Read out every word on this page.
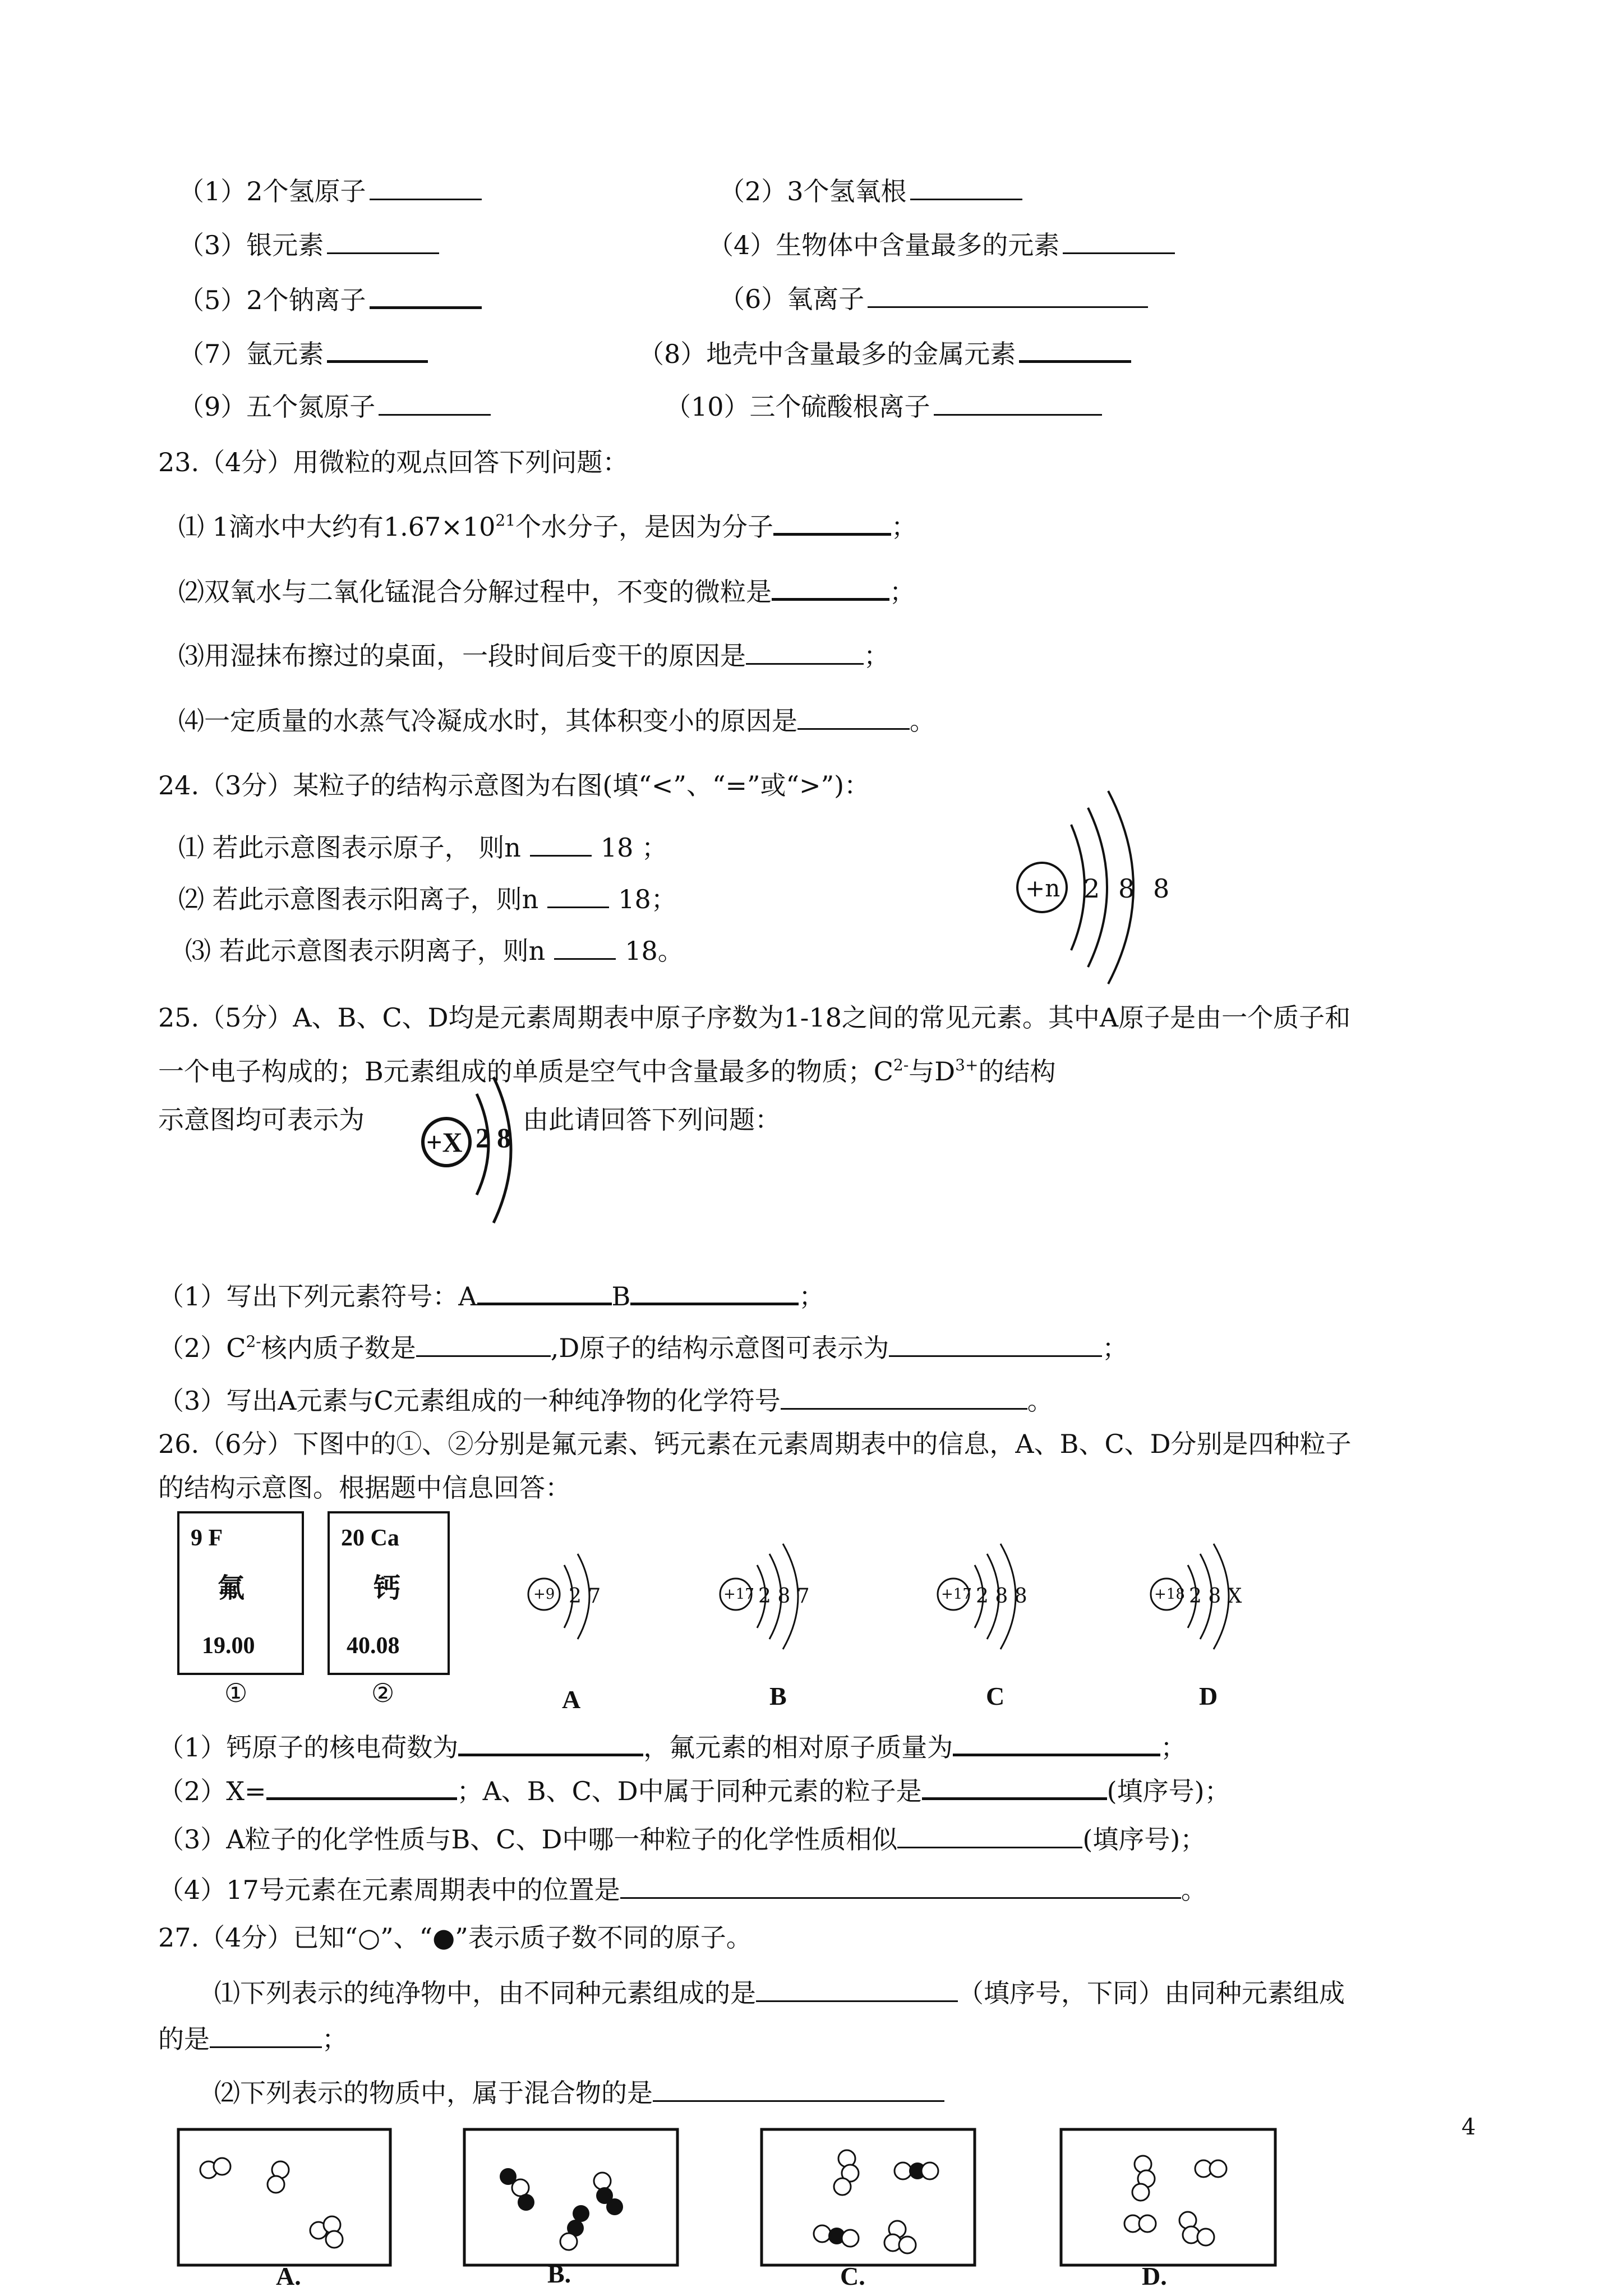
（1）2个氢原子	（2）3个氢氧根
（3）银元素	（4）生物体中含量最多的元素
（5）2个钠离子	（6）氧离子
（7）氩元素	（8）地壳中含量最多的金属元素
（9）五个氮原子	（10）三个硫酸根离子
23.（4分）用微粒的观点回答下列问题：
⑴ 1滴水中大约有$1.67\times 10^{21}$个水分子，是因为分子	；
⑵双氧水与二氧化锰混合分解过程中，不变的微粒是	；
⑶用湿抹布擦过的桌面，一段时间后变干的原因是	；
⑷一定质量的水蒸气冷凝成水时，其体积变小的原因是	。
24.（3分）某粒子的结构示意图为右图(填“<”、“=”或“>”)：
⑴ 若此示意图表示原子， 则n	18 ；
⑵ 若此示意图表示阳离子，则n	18；
⑶ 若此示意图表示阴离子，则n	18。
+n 2 8 8
25.（5分）A、B、C、D均是元素周期表中原子序数为1-18之间的常见元素。其中A原子是由一个质子和
一个电子构成的；B元素组成的单质是空气中含量最多的物质；$C^{2-}$与$D^{3+}$的结构
示意图均可表示为	由此请回答下列问题：
+X 2 8
（1）写出下列元素符号：A	B	；
$(2)C^{2-}$核内质子数是	,D原子的结构示意图可表示为	；
（3）写出A元素与C元素组成的一种纯净物的化学符号	。
26.（6分）下图中的①、②分别是氟元素、钙元素在元素周期表中的信息，A、B、C、D分别是四种粒子
的结构示意图。根据题中信息回答：
9 F
氟
19.00
①
20 Ca
钙
40.08
②
+9 2 7
A
+17 2 8 7
B
+17 2 8 8
C
+18 2 8 X
D
（1）钙原子的核电荷数为	，氟元素的相对原子质量为	；
（2）X=	；A、B、C、D中属于同种元素的粒子是	(填序号)；
（3）A粒子的化学性质与B、C、D中哪一种粒子的化学性质相似	(填序号)；
（4）17号元素在元素周期表中的位置是	。
27.（4分）已知“○”、“●”表示质子数不同的原子。
⑴下列表示的纯净物中，由不同种元素组成的是	（填序号，下同）由同种元素组成
的是	；
⑵下列表示的物质中，属于混合物的是
A.	B.	C.	D.
4
